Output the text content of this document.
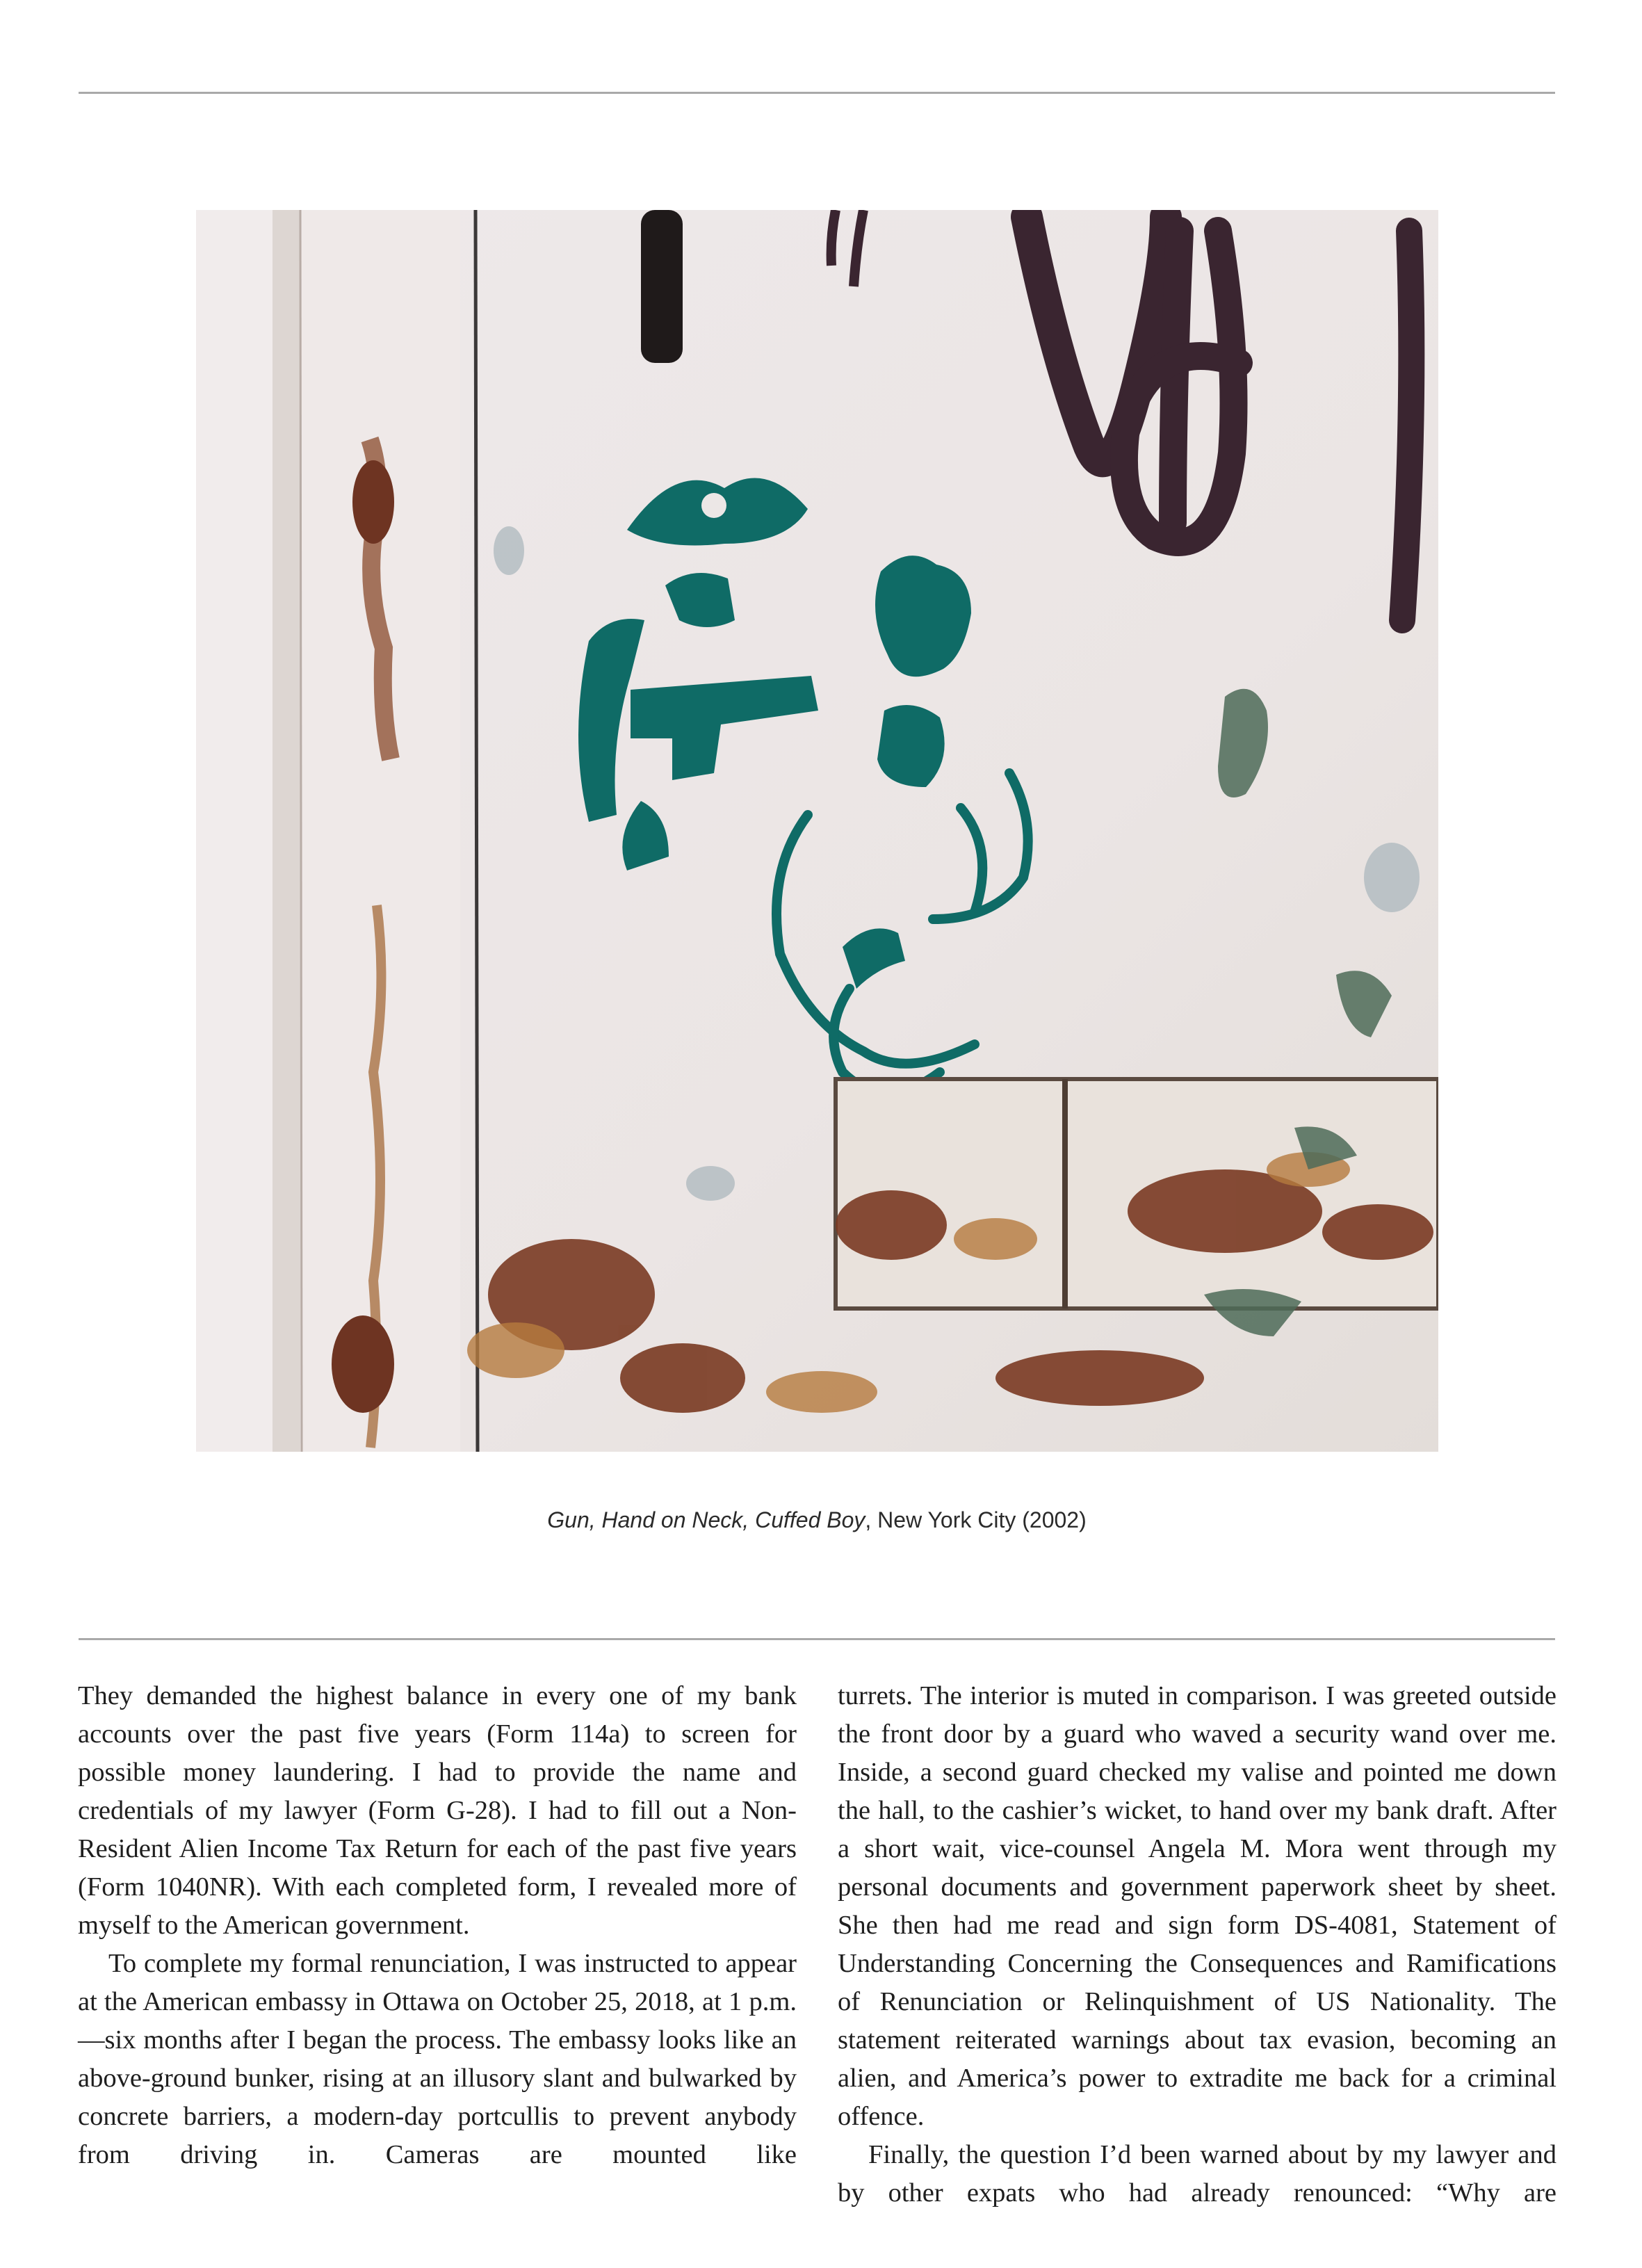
Gun, Hand on Neck, Cuffed Boy, New York City (2002)

They demanded the highest balance in every one of my bank accounts over the past five years (Form 114a) to screen for possible money laundering. I had to provide the name and credentials of my lawyer (Form G-28). I had to fill out a Non-Resident Alien Income Tax Return for each of the past five years (Form 1040NR). With each completed form, I revealed more of myself to the American government.

To complete my formal renunciation, I was instructed to appear at the American embassy in Ottawa on October 25, 2018, at 1 p.m.—six months after I began the process. The embassy looks like an above-ground bunker, rising at an illusory slant and bulwarked by concrete barriers, a modern-day portcullis to prevent anybody from driving in. Cameras are mounted like

turrets. The interior is muted in comparison. I was greeted outside the front door by a guard who waved a security wand over me. Inside, a second guard checked my valise and pointed me down the hall, to the cashier’s wicket, to hand over my bank draft. After a short wait, vice-counsel Angela M. Mora went through my personal documents and government paperwork sheet by sheet. She then had me read and sign form DS-4081, Statement of Understanding Concerning the Consequences and Ramifications of Renunciation or Relinquishment of US Nationality. The statement reiterated warnings about tax evasion, becoming an alien, and America’s power to extradite me back for a criminal offence.

Finally, the question I’d been warned about by my lawyer and by other expats who had already renounced: “Why are
